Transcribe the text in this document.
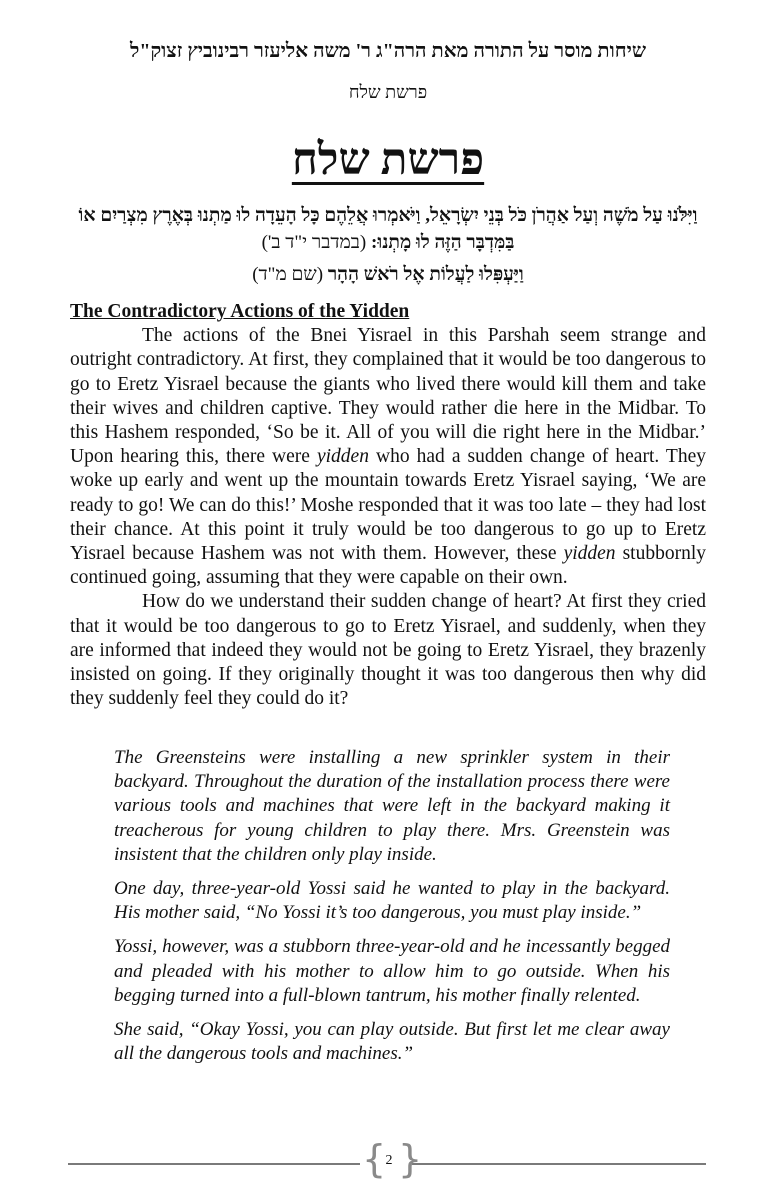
שיחות מוסר על התורה מאת הרה"ג ר' משה אליעזר רבינוביץ זצוק"ל
פרשת שלח
פרשת שלח
וַיִּלֹּנוּ עַל מֹשֶׁה וְעַל אַהֲרֹן כֹּל בְּנֵי יִשְׂרָאֵל, וַיֹּאמְרוּ אֲלֵהֶם כָּל הָעֵדָה לוּ מַתְנוּ בְּאֶרֶץ מִצְרַיִם אוֹ בַּמִּדְבָּר הַזֶּה לוּ מָתְנוּ: (במדבר י"ד ב')
וַיַּעְפִּלוּ לַעֲלוֹת אֶל רֹאשׁ הָהָר (שם מ"ד)

The Contradictory Actions of the Yidden

The actions of the Bnei Yisrael in this Parshah seem strange and outright contradictory. At first, they complained that it would be too dangerous to go to Eretz Yisrael because the giants who lived there would kill them and take their wives and children captive. They would rather die here in the Midbar. To this Hashem responded, ‘So be it. All of you will die right here in the Midbar.’ Upon hearing this, there were yidden who had a sudden change of heart. They woke up early and went up the mountain towards Eretz Yisrael saying, ‘We are ready to go! We can do this!’ Moshe responded that it was too late – they had lost their chance. At this point it truly would be too dangerous to go up to Eretz Yisrael because Hashem was not with them. However, these yidden stubbornly continued going, assuming that they were capable on their own.

How do we understand their sudden change of heart? At first they cried that it would be too dangerous to go to Eretz Yisrael, and suddenly, when they are informed that indeed they would not be going to Eretz Yisrael, they brazenly insisted on going. If they originally thought it was too dangerous then why did they suddenly feel they could do it?

The Greensteins were installing a new sprinkler system in their backyard. Throughout the duration of the installation process there were various tools and machines that were left in the backyard making it treacherous for young children to play there. Mrs. Greenstein was insistent that the children only play inside.

One day, three-year-old Yossi said he wanted to play in the backyard. His mother said, “No Yossi it’s too dangerous, you must play inside.”

Yossi, however, was a stubborn three-year-old and he incessantly begged and pleaded with his mother to allow him to go outside. When his begging turned into a full-blown tantrum, his mother finally relented.

She said, “Okay Yossi, you can play outside. But first let me clear away all the dangerous tools and machines.”

{ }
2
